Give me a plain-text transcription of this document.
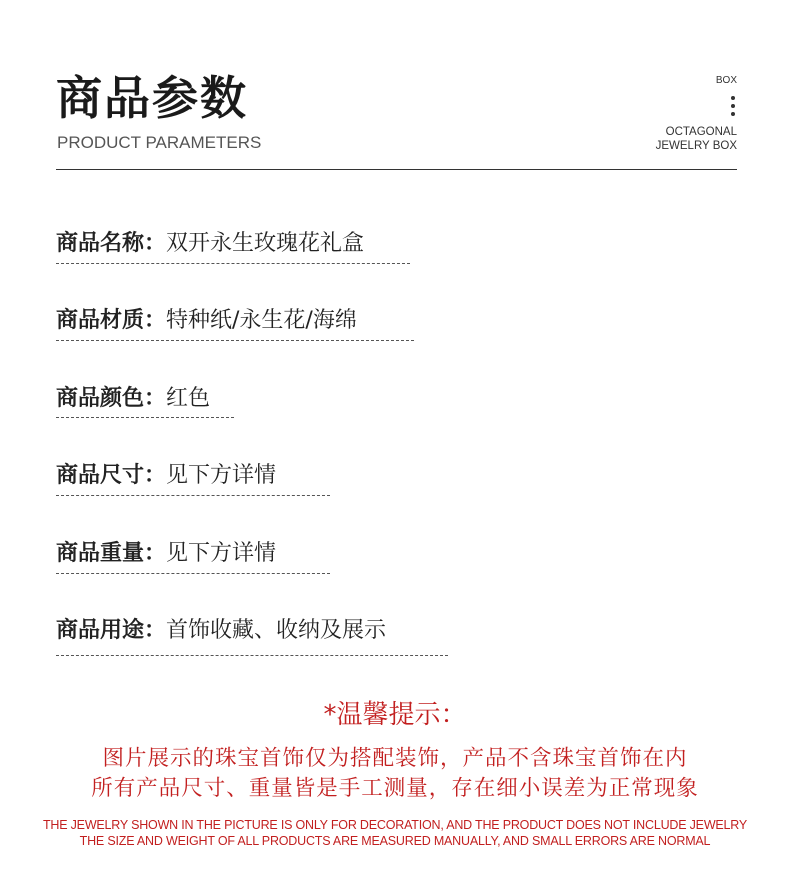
商品参数
PRODUCT PARAMETERS
BOX
OCTAGONAL
JEWELRY BOX
商品名称：双开永生玫瑰花礼盒
商品材质：特种纸/永生花/海绵
商品颜色：红色
商品尺寸：见下方详情
商品重量：见下方详情
商品用途：首饰收藏、收纳及展示
*温馨提示：
图片展示的珠宝首饰仅为搭配装饰，产品不含珠宝首饰在内
所有产品尺寸、重量皆是手工测量，存在细小误差为正常现象
THE JEWELRY SHOWN IN THE PICTURE IS ONLY FOR DECORATION, AND THE PRODUCT DOES NOT INCLUDE JEWELRY
THE SIZE AND WEIGHT OF ALL PRODUCTS ARE MEASURED MANUALLY, AND SMALL ERRORS ARE NORMAL
